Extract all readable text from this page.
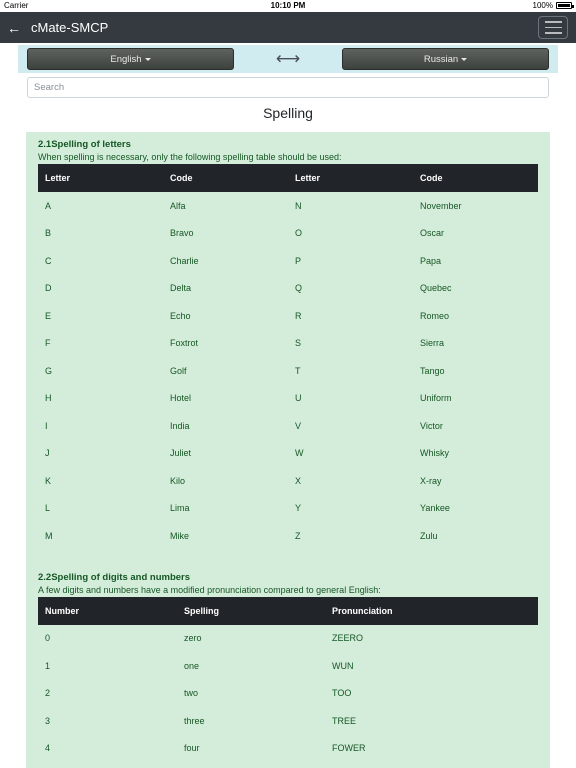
Carrier	10:10 PM	100%
← cMate-SMCP
English	⟷	Russian
Search
Spelling
2.1Spelling of letters
When spelling is necessary, only the following spelling table should be used:
Letter	Code	Letter	Code
A	Alfa	N	November
B	Bravo	O	Oscar
C	Charlie	P	Papa
D	Delta	Q	Quebec
E	Echo	R	Romeo
F	Foxtrot	S	Sierra
G	Golf	T	Tango
H	Hotel	U	Uniform
I	India	V	Victor
J	Juliet	W	Whisky
K	Kilo	X	X-ray
L	Lima	Y	Yankee
M	Mike	Z	Zulu
2.2Spelling of digits and numbers
A few digits and numbers have a modified pronunciation compared to general English:
Number	Spelling	Pronunciation
0	zero	ZEERO
1	one	WUN
2	two	TOO
3	three	TREE
4	four	FOWER
